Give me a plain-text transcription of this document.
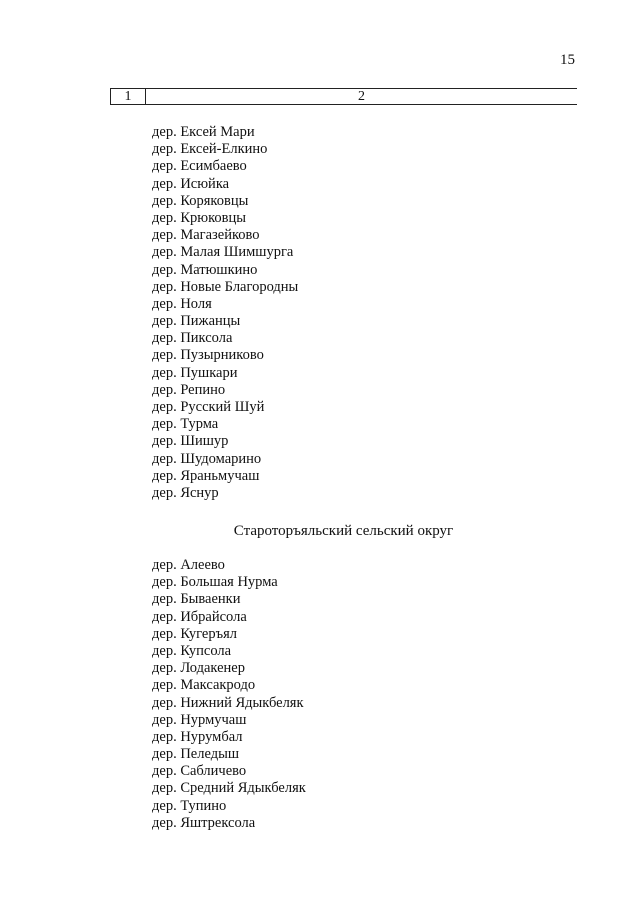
15
1	2
дер. Ексей Мари
дер. Ексей-Елкино
дер. Есимбаево
дер. Исюйка
дер. Коряковцы
дер. Крюковцы
дер. Магазейково
дер. Малая Шимшурга
дер. Матюшкино
дер. Новые Благородны
дер. Ноля
дер. Пижанцы
дер. Пиксола
дер. Пузырниково
дер. Пушкари
дер. Репино
дер. Русский Шуй
дер. Турма
дер. Шишур
дер. Шудомарино
дер. Яраньмучаш
дер. Яснур
Староторъяльский сельский округ
дер. Алеево
дер. Большая Нурма
дер. Бываенки
дер. Ибрайсола
дер. Кугеръял
дер. Купсола
дер. Лодакенер
дер. Максакродо
дер. Нижний Ядыкбеляк
дер. Нурмучаш
дер. Нурумбал
дер. Пеледыш
дер. Сабличево
дер. Средний Ядыкбеляк
дер. Тупино
дер. Яштрексола
